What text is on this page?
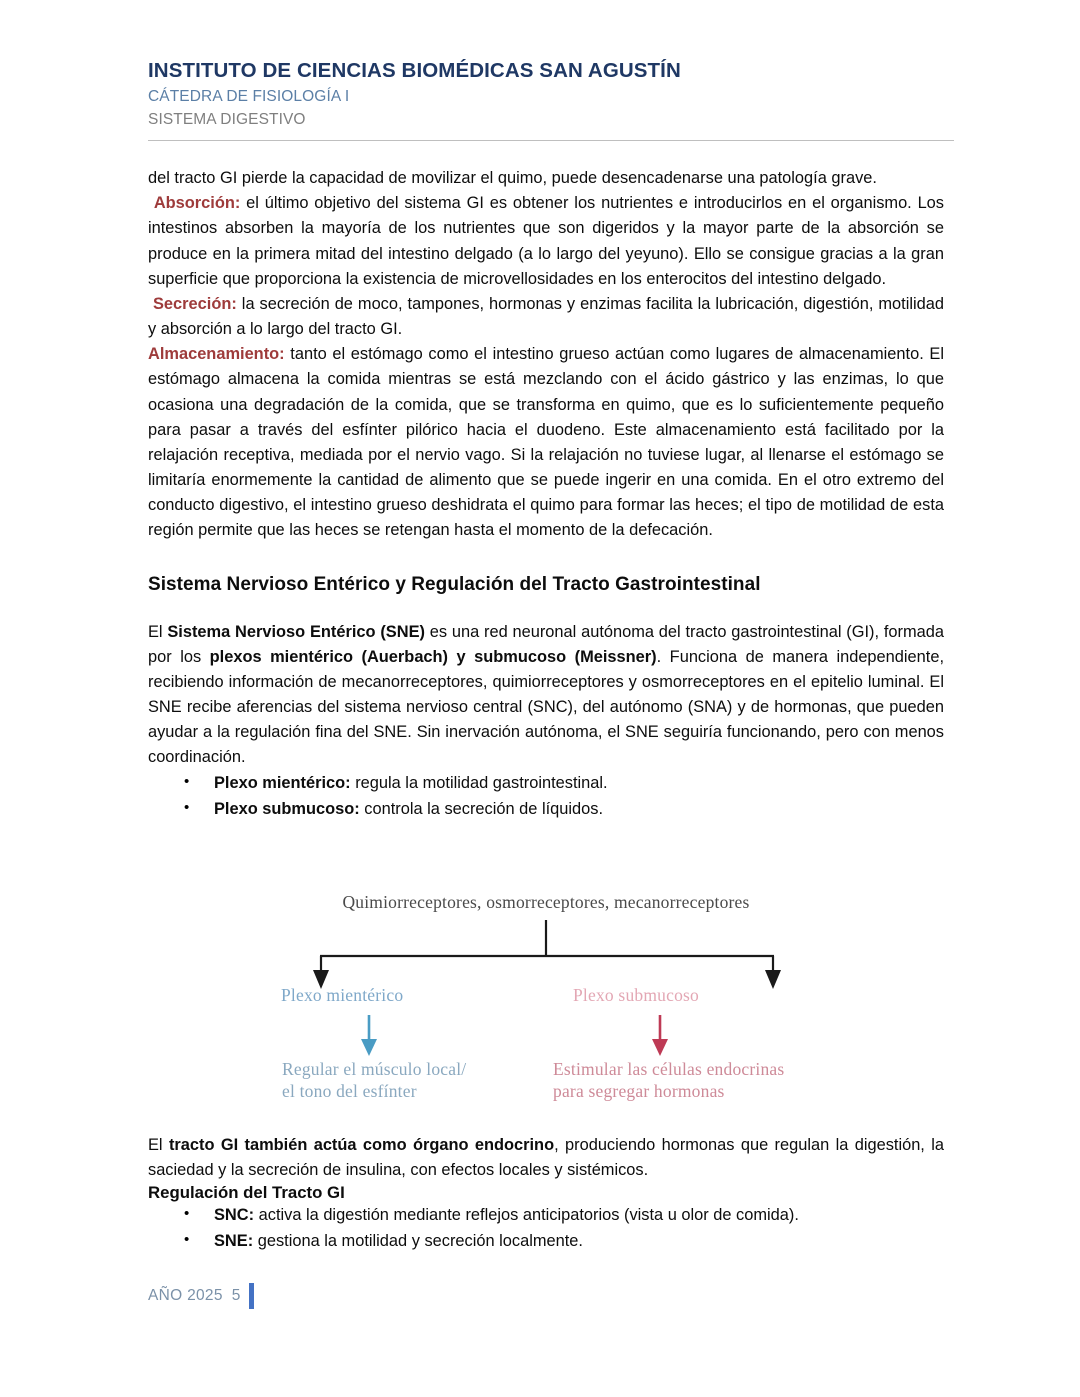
INSTITUTO DE CIENCIAS BIOMÉDICAS SAN AGUSTÍN
CÁTEDRA DE FISIOLOGÍA I
SISTEMA DIGESTIVO

del tracto GI pierde la capacidad de movilizar el quimo, puede desencadenarse una patología grave.

Absorción: el último objetivo del sistema GI es obtener los nutrientes e introducirlos en el organismo. Los intestinos absorben la mayoría de los nutrientes que son digeridos y la mayor parte de la absorción se produce en la primera mitad del intestino delgado (a lo largo del yeyuno). Ello se consigue gracias a la gran superficie que proporciona la existencia de microvellosidades en los enterocitos del intestino delgado.

Secreción: la secreción de moco, tampones, hormonas y enzimas facilita la lubricación, digestión, motilidad y absorción a lo largo del tracto GI.

Almacenamiento: tanto el estómago como el intestino grueso actúan como lugares de almacenamiento. El estómago almacena la comida mientras se está mezclando con el ácido gástrico y las enzimas, lo que ocasiona una degradación de la comida, que se transforma en quimo, que es lo suficientemente pequeño para pasar a través del esfínter pilórico hacia el duodeno. Este almacenamiento está facilitado por la relajación receptiva, mediada por el nervio vago. Si la relajación no tuviese lugar, al llenarse el estómago se limitaría enormemente la cantidad de alimento que se puede ingerir en una comida. En el otro extremo del conducto digestivo, el intestino grueso deshidrata el quimo para formar las heces; el tipo de motilidad de esta región permite que las heces se retengan hasta el momento de la defecación.

Sistema Nervioso Entérico y Regulación del Tracto Gastrointestinal

El Sistema Nervioso Entérico (SNE) es una red neuronal autónoma del tracto gastrointestinal (GI), formada por los plexos mientérico (Auerbach) y submucoso (Meissner). Funciona de manera independiente, recibiendo información de mecanorreceptores, quimiorreceptores y osmorreceptores en el epitelio luminal. El SNE recibe aferencias del sistema nervioso central (SNC), del autónomo (SNA) y de hormonas, que pueden ayudar a la regulación fina del SNE. Sin inervación autónoma, el SNE seguiría funcionando, pero con menos coordinación.

• Plexo mientérico: regula la motilidad gastrointestinal.
• Plexo submucoso: controla la secreción de líquidos.
Quimiorreceptores, osmorreceptores, mecanorreceptores
Plexo mientérico	Plexo submucoso
Regular el músculo local/
el tono del esfínter
Estimular las células endocrinas
para segregar hormonas

El tracto GI también actúa como órgano endocrino, produciendo hormonas que regulan la digestión, la saciedad y la secreción de insulina, con efectos locales y sistémicos.

Regulación del Tracto GI
• SNC: activa la digestión mediante reflejos anticipatorios (vista u olor de comida).
• SNE: gestiona la motilidad y secreción localmente.
AÑO 2025 5
